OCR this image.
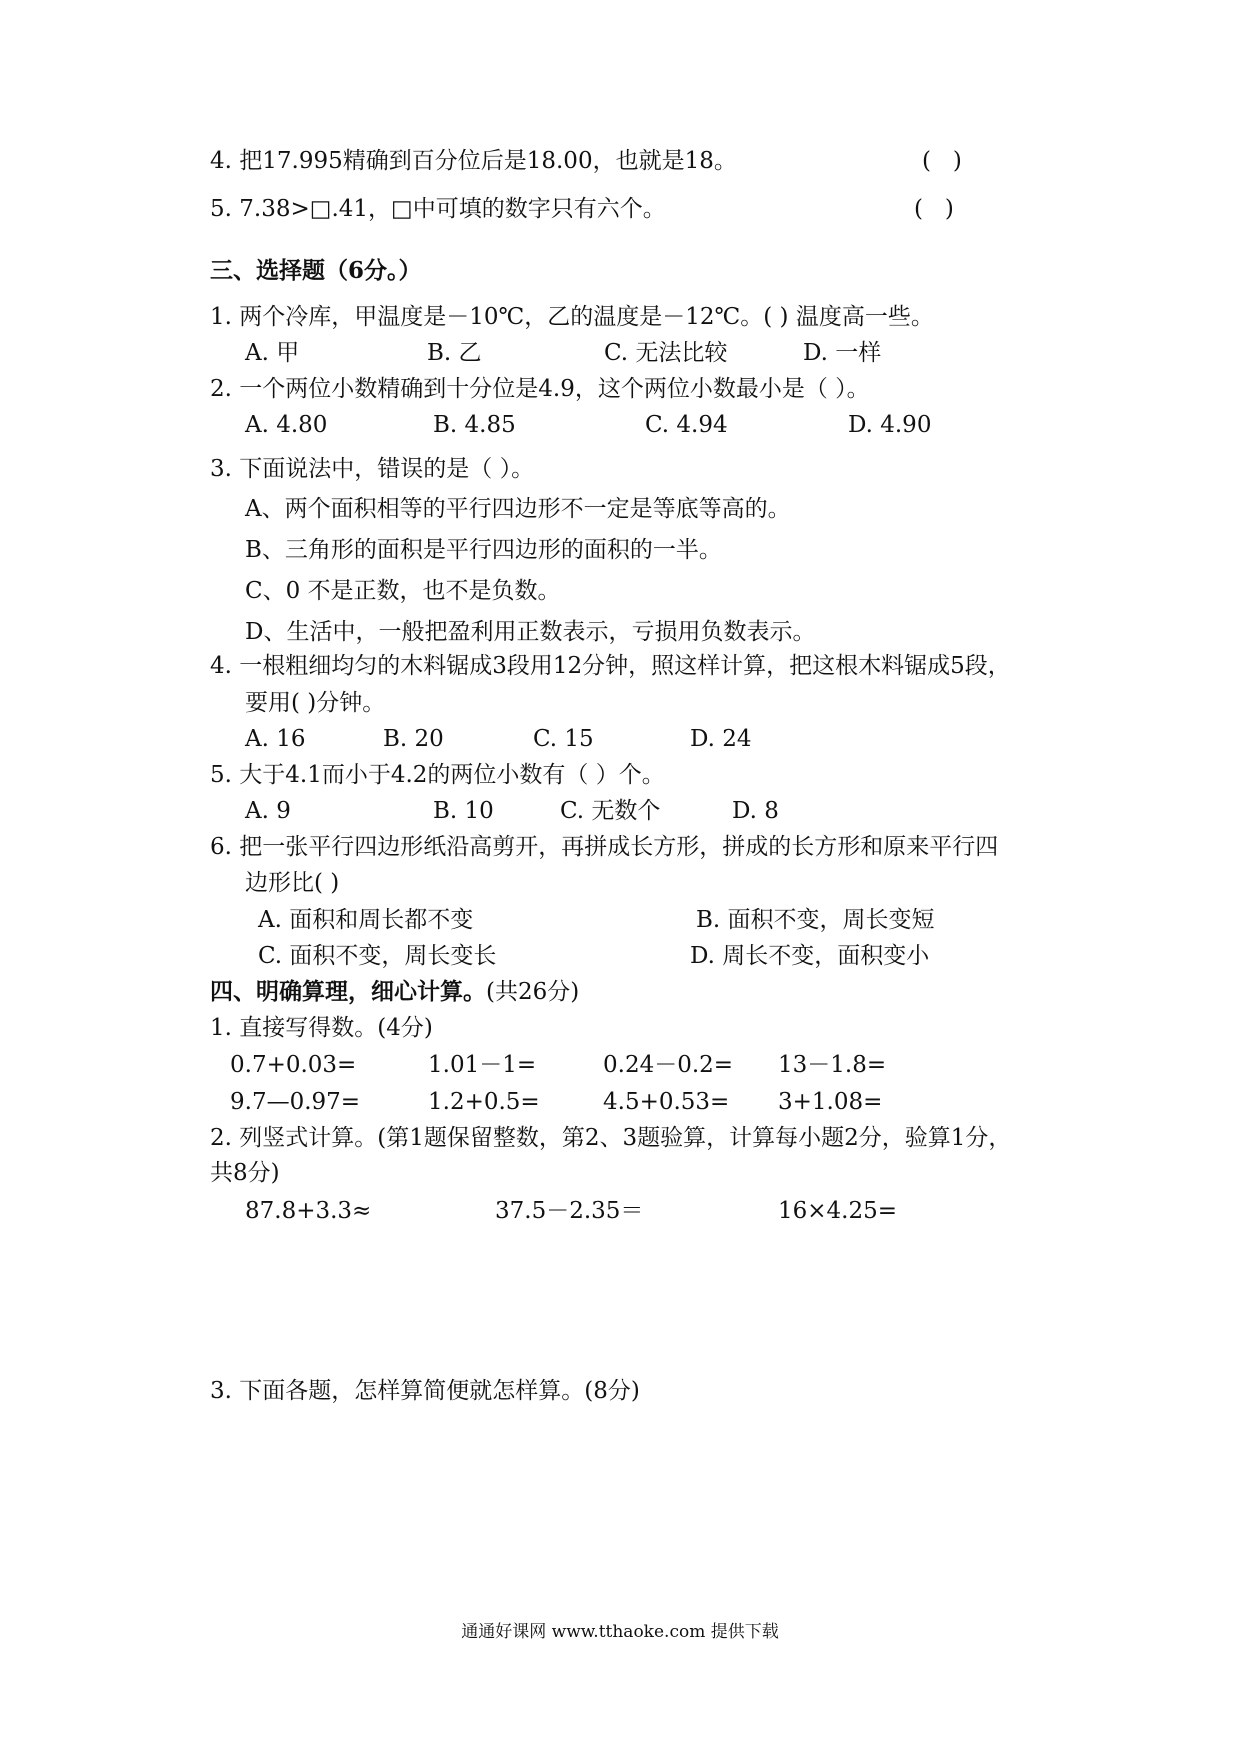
4. 把17.995精确到百分位后是18.00，也就是18。	(   )
5. 7.38>□.41，□中可填的数字只有六个。	(   )
三、选择题（6分。）
1. 两个冷库，甲温度是－10℃，乙的温度是－12℃。( ) 温度高一些。
A. 甲	B. 乙	C. 无法比较	D. 一样
2. 一个两位小数精确到十分位是4.9，这个两位小数最小是（ ）。
A. 4.80	B. 4.85	C. 4.94	D. 4.90
3. 下面说法中，错误的是（ ）。
A、两个面积相等的平行四边形不一定是等底等高的。
B、三角形的面积是平行四边形的面积的一半。
C、0 不是正数，也不是负数。
D、生活中，一般把盈利用正数表示，亏损用负数表示。
4. 一根粗细均匀的木料锯成3段用12分钟，照这样计算，把这根木料锯成5段，
要用( )分钟。
A. 16	B. 20	C. 15	D. 24
5. 大于4.1而小于4.2的两位小数有（ ）个。
A. 9	B. 10	C. 无数个	D. 8
6. 把一张平行四边形纸沿高剪开，再拼成长方形，拼成的长方形和原来平行四
边形比( )
A. 面积和周长都不变	B. 面积不变，周长变短
C. 面积不变，周长变长	D. 周长不变，面积变小
四、明确算理，细心计算。(共26分)
1. 直接写得数。(4分)
0.7+0.03=	1.01－1=	0.24－0.2= 13－1.8=
9.7—0.97=	1.2+0.5=	4.5+0.53= 3+1.08=
2. 列竖式计算。(第1题保留整数，第2、3题验算，计算每小题2分，验算1分，
共8分)
87.8+3.3≈	37.5－2.35＝	16×4.25=
3. 下面各题，怎样算简便就怎样算。(8分)
通通好课网 www.tthaoke.com 提供下载
